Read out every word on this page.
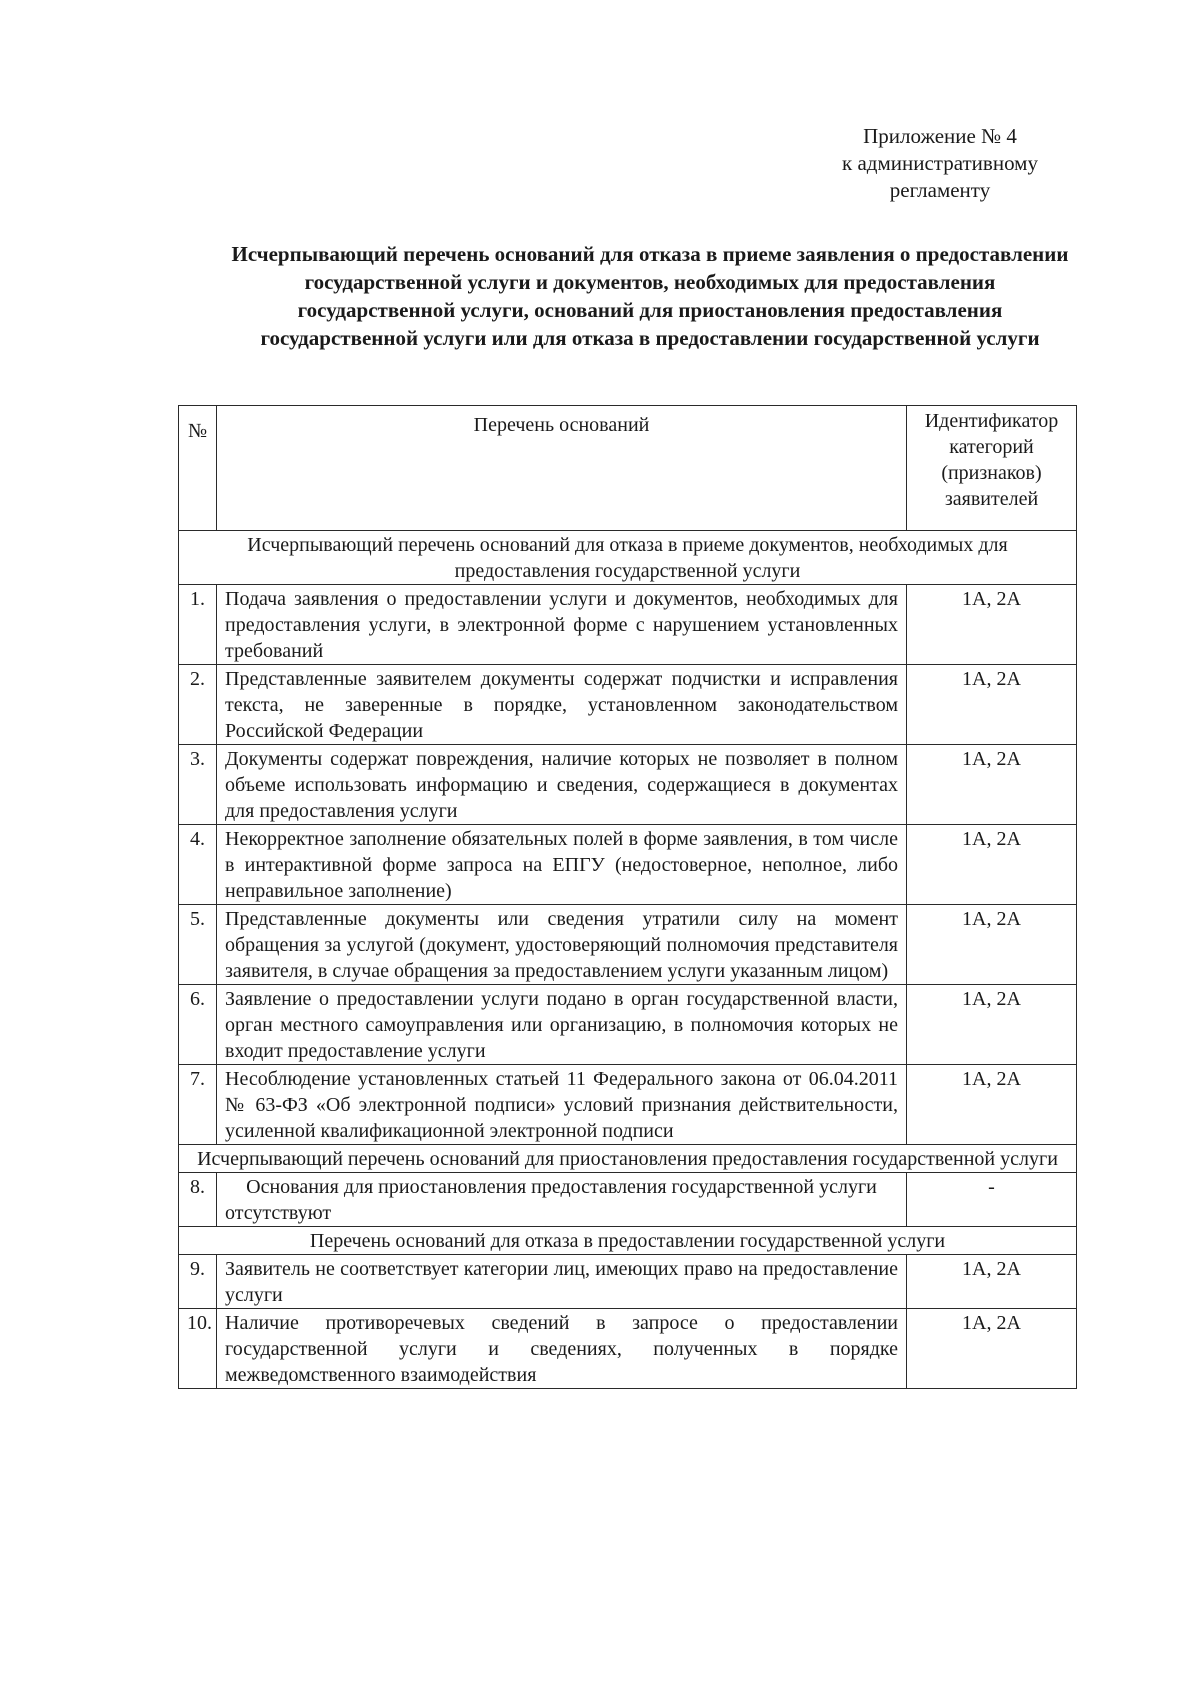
Приложение № 4
к административному
регламенту
Исчерпывающий перечень оснований для отказа в приеме заявления о предоставлении государственной услуги и документов, необходимых для предоставления государственной услуги, оснований для приостановления предоставления государственной услуги или для отказа в предоставлении государственной услуги
№	Перечень оснований	Идентификатор категорий (признаков) заявителей
Исчерпывающий перечень оснований для отказа в приеме документов, необходимых для предоставления государственной услуги		
1.	Подача заявления о предоставлении услуги и документов, необходимых для предоставления услуги, в электронной форме с нарушением установленных требований	1А, 2А
2.	Представленные заявителем документы содержат подчистки и исправления текста, не заверенные в порядке, установленном законодательством Российской Федерации	1А, 2А
3.	Документы содержат повреждения, наличие которых не позволяет в полном объеме использовать информацию и сведения, содержащиеся в документах для предоставления услуги	1А, 2А
4.	Некорректное заполнение обязательных полей в форме заявления, в том числе в интерактивной форме запроса на ЕПГУ (недостоверное, неполное, либо неправильное заполнение)	1А, 2А
5.	Представленные документы или сведения утратили силу на момент обращения за услугой (документ, удостоверяющий полномочия представителя заявителя, в случае обращения за предоставлением услуги указанным лицом)	1А, 2А
6.	Заявление о предоставлении услуги подано в орган государственной власти, орган местного самоуправления или организацию, в полномочия которых не входит предоставление услуги	1А, 2А
7.	Несоблюдение установленных статьей 11 Федерального закона от 06.04.2011 № 63-ФЗ «Об электронной подписи» условий признания действительности, усиленной квалификационной электронной подписи	1А, 2А
Исчерпывающий перечень оснований для приостановления предоставления государственной услуги		
8.	Основания для приостановления предоставления государственной услуги отсутствуют	-
Перечень оснований для отказа в предоставлении государственной услуги		
9.	Заявитель не соответствует категории лиц, имеющих право на предоставление услуги	1А, 2А
10.	Наличие противоречевых сведений в запросе о предоставлении государственной услуги и сведениях, полученных в порядке межведомственного взаимодействия	1А, 2А
